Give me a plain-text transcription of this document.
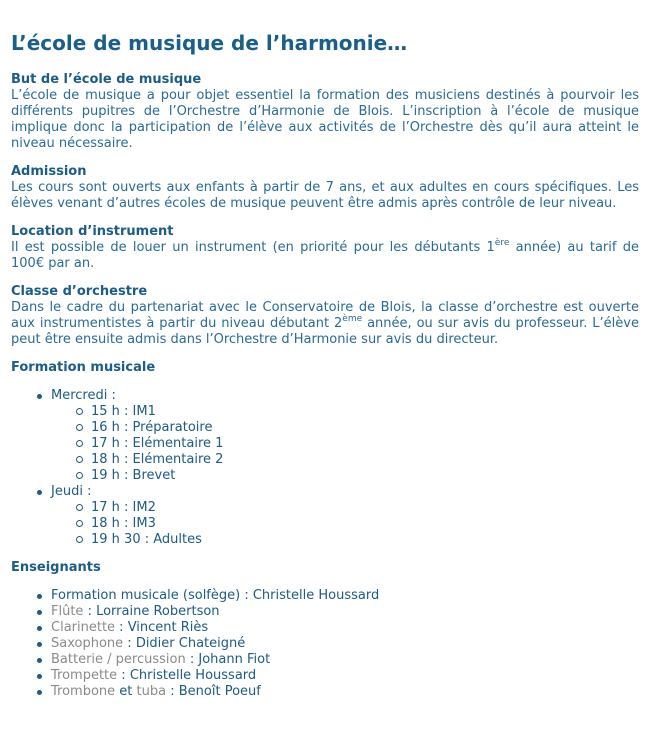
L’école de musique de l’harmonie…
But de l’école de musique

L’école de musique a pour objet essentiel la formation des musiciens destinés à pourvoir les différents pupitres de l’Orchestre d’Harmonie de Blois. L’inscription à l’école de musique implique donc la participation de l’élève aux activités de l’Orchestre dès qu’il aura atteint le niveau nécessaire.

Admission

Les cours sont ouverts aux enfants à partir de 7 ans, et aux adultes en cours spécifiques. Les élèves venant d’autres écoles de musique peuvent être admis après contrôle de leur niveau.

Location d’instrument

Il est possible de louer un instrument (en priorité pour les débutants 1ère année) au tarif de 100€ par an.

Classe d’orchestre

Dans le cadre du partenariat avec le Conservatoire de Blois, la classe d’orchestre est ouverte aux instrumentistes à partir du niveau débutant 2ème année, ou sur avis du professeur. L’élève peut être ensuite admis dans l’Orchestre d’Harmonie sur avis du directeur.

Formation musicale
Mercredi :
15 h : IM1
16 h : Préparatoire
17 h : Elémentaire 1
18 h : Elémentaire 2
19 h : Brevet
Jeudi :
17 h : IM2
18 h : IM3
19 h 30 : Adultes
Enseignants
Formation musicale (solfège) : Christelle Houssard
Flûte : Lorraine Robertson
Clarinette : Vincent Riès
Saxophone : Didier Chateigné
Batterie / percussion : Johann Fiot
Trompette : Christelle Houssard
Trombone et tuba : Benoît Poeuf
